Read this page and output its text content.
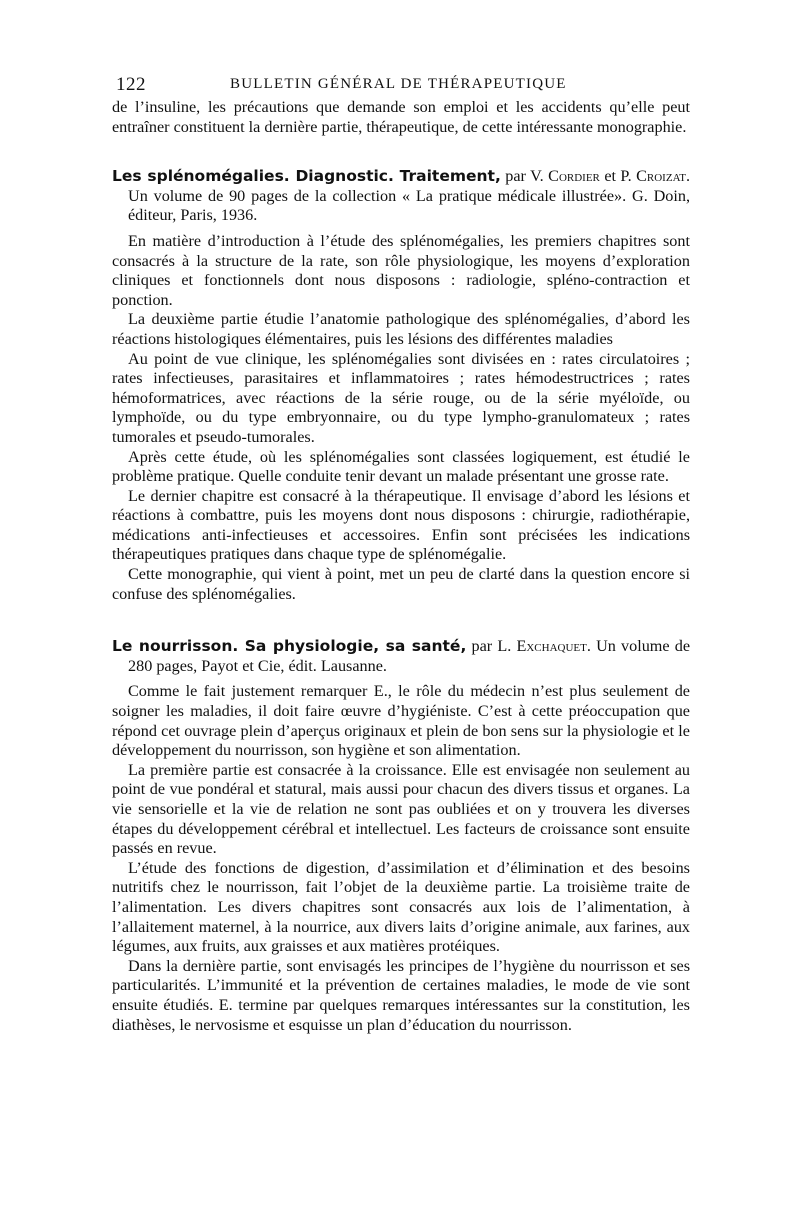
122	BULLETIN GÉNÉRAL DE THÉRAPEUTIQUE

de l’insuline, les précautions que demande son emploi et les accidents qu’elle peut entraîner constituent la dernière partie, thérapeutique, de cette intéressante monographie.

Les splénomégalies. Diagnostic. Traitement, par V. Cordier et P. Croizat. Un volume de 90 pages de la collection « La pratique médicale illustrée». G. Doin, éditeur, Paris, 1936.

En matière d’introduction à l’étude des splénomégalies, les premiers chapitres sont consacrés à la structure de la rate, son rôle physiologique, les moyens d’exploration cliniques et fonctionnels dont nous disposons : radiologie, spléno-contraction et ponction.

La deuxième partie étudie l’anatomie pathologique des splénomégalies, d’abord les réactions histologiques élémentaires, puis les lésions des différentes maladies

Au point de vue clinique, les splénomégalies sont divisées en : rates circulatoires ; rates infectieuses, parasitaires et inflammatoires ; rates hémodestructrices ; rates hémoformatrices, avec réactions de la série rouge, ou de la série myéloïde, ou lymphoïde, ou du type embryonnaire, ou du type lympho-granulomateux ; rates tumorales et pseudo-tumorales.

Après cette étude, où les splénomégalies sont classées logiquement, est étudié le problème pratique. Quelle conduite tenir devant un malade présentant une grosse rate.

Le dernier chapitre est consacré à la thérapeutique. Il envisage d’abord les lésions et réactions à combattre, puis les moyens dont nous disposons : chirurgie, radiothérapie, médications anti-infectieuses et accessoires. Enfin sont précisées les indications thérapeutiques pratiques dans chaque type de splénomégalie.

Cette monographie, qui vient à point, met un peu de clarté dans la question encore si confuse des splénomégalies.

Le nourrisson. Sa physiologie, sa santé, par L. Exchaquet. Un volume de 280 pages, Payot et Cie, édit. Lausanne.

Comme le fait justement remarquer E., le rôle du médecin n’est plus seulement de soigner les maladies, il doit faire œuvre d’hygiéniste. C’est à cette préoccupation que répond cet ouvrage plein d’aperçus originaux et plein de bon sens sur la physiologie et le développement du nourrisson, son hygiène et son alimentation.

La première partie est consacrée à la croissance. Elle est envisagée non seulement au point de vue pondéral et statural, mais aussi pour chacun des divers tissus et organes. La vie sensorielle et la vie de relation ne sont pas oubliées et on y trouvera les diverses étapes du développement cérébral et intellectuel. Les facteurs de croissance sont ensuite passés en revue.

L’étude des fonctions de digestion, d’assimilation et d’élimination et des besoins nutritifs chez le nourrisson, fait l’objet de la deuxième partie. La troisième traite de l’alimentation. Les divers chapitres sont consacrés aux lois de l’alimentation, à l’allaitement maternel, à la nourrice, aux divers laits d’origine animale, aux farines, aux légumes, aux fruits, aux graisses et aux matières protéiques.

Dans la dernière partie, sont envisagés les principes de l’hygiène du nourrisson et ses particularités. L’immunité et la prévention de certaines maladies, le mode de vie sont ensuite étudiés. E. termine par quelques remarques intéressantes sur la constitution, les diathèses, le nervosisme et esquisse un plan d’éducation du nourrisson.
